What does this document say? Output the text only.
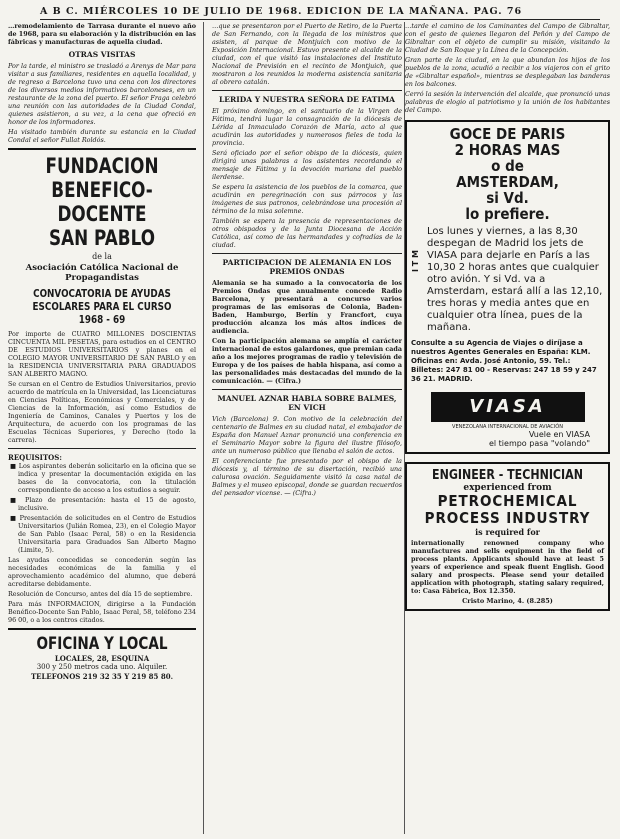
A B C. MIÉRCOLES 10 DE JULIO DE 1968. EDICION DE LA MAÑANA. PAG. 76

…remodelamiento de Tarrasa durante el nuevo año de 1968, para su elaboración y la distribución en las fábricas y manufacturas de aquella ciudad.

OTRAS VISITAS

Por la tarde, el ministro se trasladó a Arenys de Mar para visitar a sus familiares, residentes en aquella localidad, y de regreso a Barcelona tuvo una cena con los directores de los diversos medios informativos barceloneses, en un restaurante de la zona del puerto. El señor Fraga celebró una reunión con las autoridades de la Ciudad Condal, quienes asistieron, a su vez, a la cena que ofreció en honor de los informadores.

Ha visitado también durante su estancia en la Ciudad Condal el señor Fullat Roldós.

FUNDACION
BENEFICO-DOCENTE
SAN PABLO
de la
Asociación Católica Nacional de Propagandistas
CONVOCATORIA DE AYUDAS ESCOLARES PARA EL CURSO 1968 - 69

Por importe de CUATRO MILLONES DOSCIENTAS CINCUENTA MIL PESETAS, para estudios en el CENTRO DE ESTUDIOS UNIVERSITARIOS y planes en el COLEGIO MAYOR UNIVERSITARIO DE SAN PABLO y en la RESIDENCIA UNIVERSITARIA PARA GRADUADOS SAN ALBERTO MAGNO.

Se cursan en el Centro de Estudios Universitarios, previo acuerdo de matrícula en la Universidad, las Licenciaturas en Ciencias Políticas, Económicas y Comerciales, y de Ciencias de la Información, así como Estudios de Ingeniería de Caminos, Canales y Puertos y los de Arquitectura, de acuerdo con los programas de las Escuelas Técnicas Superiores, y Derecho (todo la carrera).

REQUISITOS:
■ Los aspirantes deberán solicitarlo en la oficina que se indica y presentar la documentación exigida en las bases de la convocatoria, con la titulación correspondiente de acceso a los estudios a seguir.
■ Plazo de presentación: hasta el 15 de agosto, inclusive.
■ Presentación de solicitudes en el Centro de Estudios Universitarios (Julián Romea, 23), en el Colegio Mayor de San Pablo (Isaac Peral, 58) o en la Residencia Universitaria para Graduados San Alberto Magno (Limite, 5).

Las ayudas concedidas se concederán según las necesidades económicas de la familia y el aprovechamiento académico del alumno, que deberá acreditarse debidamente.

Resolución de Concurso, antes del día 15 de septiembre.

Para más INFORMACION, dirigirse a la Fundación Benéfico-Docente San Pablo, Isaac Peral, 58, teléfono 234 96 00, o a los centros citados.

OFICINA Y LOCAL
LOCALES, 28, ESQUINA
300 y 250 metros cada uno. Alquiler.
TELEFONOS 219 32 35 Y 219 85 80.

…que se presentaron por el Puerto de Retiro, de la Puerta de San Fernando, con la llegada de los ministros que asisten, al parque de Montjuich con motivo de la Exposición Internacional. Estuvo presente el alcalde de la ciudad, con el que visitó las instalaciones del Instituto Nacional de Previsión en el recinto de Montjuich, que mostraron a los reunidos la moderna asistencia sanitaria al obrero catalán.

LERIDA Y NUESTRA SEÑORA DE FATIMA

El próximo domingo, en el santuario de la Virgen de Fátima, tendrá lugar la consagración de la diócesis de Lérida al Inmaculado Corazón de María, acto al que acudirán las autoridades y numerosos fieles de toda la provincia.

Será oficiado por el señor obispo de la diócesis, quien dirigirá unas palabras a los asistentes recordando el mensaje de Fátima y la devoción mariana del pueblo ilerdense.

Se espera la asistencia de los pueblos de la comarca, que acudirán en peregrinación con sus párrocos y las imágenes de sus patronos, celebrándose una procesión al término de la misa solemne.

También se espera la presencia de representaciones de otros obispados y de la Junta Diocesana de Acción Católica, así como de las hermandades y cofradías de la ciudad.

PARTICIPACION DE ALEMANIA EN LOS PREMIOS ONDAS

Alemania se ha sumado a la convocatoria de los Premios Ondas que anualmente concede Radio Barcelona, y presentará a concurso varios programas de las emisoras de Colonia, Baden-Baden, Hamburgo, Berlín y Francfort, cuya producción alcanza los más altos índices de audiencia.

Con la participación alemana se amplía el carácter internacional de estos galardones, que premian cada año a los mejores programas de radio y televisión de Europa y de los países de habla hispana, así como a las personalidades más destacadas del mundo de la comunicación. — (Cifra.)

MANUEL AZNAR HABLA SOBRE BALMES, EN VICH

Vich (Barcelona) 9. Con motivo de la celebración del centenario de Balmes en su ciudad natal, el embajador de España don Manuel Aznar pronunció una conferencia en el Seminario Mayor sobre la figura del ilustre filósofo, ante un numeroso público que llenaba el salón de actos.

El conferenciante fue presentado por el obispo de la diócesis y, al término de su disertación, recibió una calurosa ovación. Seguidamente visitó la casa natal de Balmes y el museo episcopal, donde se guardan recuerdos del pensador vicense. — (Cifra.)

…tarde el camino de los Caminantes del Campo de Gibraltar, con el gesto de quienes llegaron del Peñón y del Campo de Gibraltar con el objeto de cumplir su misión, visitando la Ciudad de San Roque y la Línea de la Concepción.

Gran parte de la ciudad, en la que abundan los hijos de los pueblos de la zona, acudió a recibir a los viajeros con el grito de «Gibraltar español», mientras se desplegaban las banderas en los balcones.

Cerró la sesión la intervención del alcalde, que pronunció unas palabras de elogio al patriotismo y la unión de los habitantes del Campo.

GOCE DE PARIS
2 HORAS MAS
o de
AMSTERDAM,
si Vd.
lo prefiere.
I T M
Los lunes y viernes, a las 8,30 despegan de Madrid los jets de VIASA para dejarle en París a las 10,30 2 horas antes que cualquier otro avión. Y si Vd. va a Amsterdam, estará allí a las 12,10, tres horas y media antes que en cualquier otra línea, pues de la mañana.
Consulte a su Agencia de Viajes o diríjase a nuestros Agentes Generales en España: KLM. Oficinas en: Avda. José Antonio, 59. Tel.: Billetes: 247 81 00 - Reservas: 247 18 59 y 247 36 21. MADRID.
VIASA
VENEZOLANA INTERNACIONAL DE AVIACIÓN
Vuele en VIASA
el tiempo pasa "volando"
ENGINEER - TECHNICIAN
experienced from
PETROCHEMICAL
PROCESS INDUSTRY
is required for

internationally renowned company who manufactures and sells equipment in the field of process plants. Applicants should have at least 5 years of experience and speak fluent English. Good salary and prospects. Please send your detailed application with photograph, stating salary required, to: Casa Fábrica, Box 12.350.

Cristo Marino, 4. (8.285)
